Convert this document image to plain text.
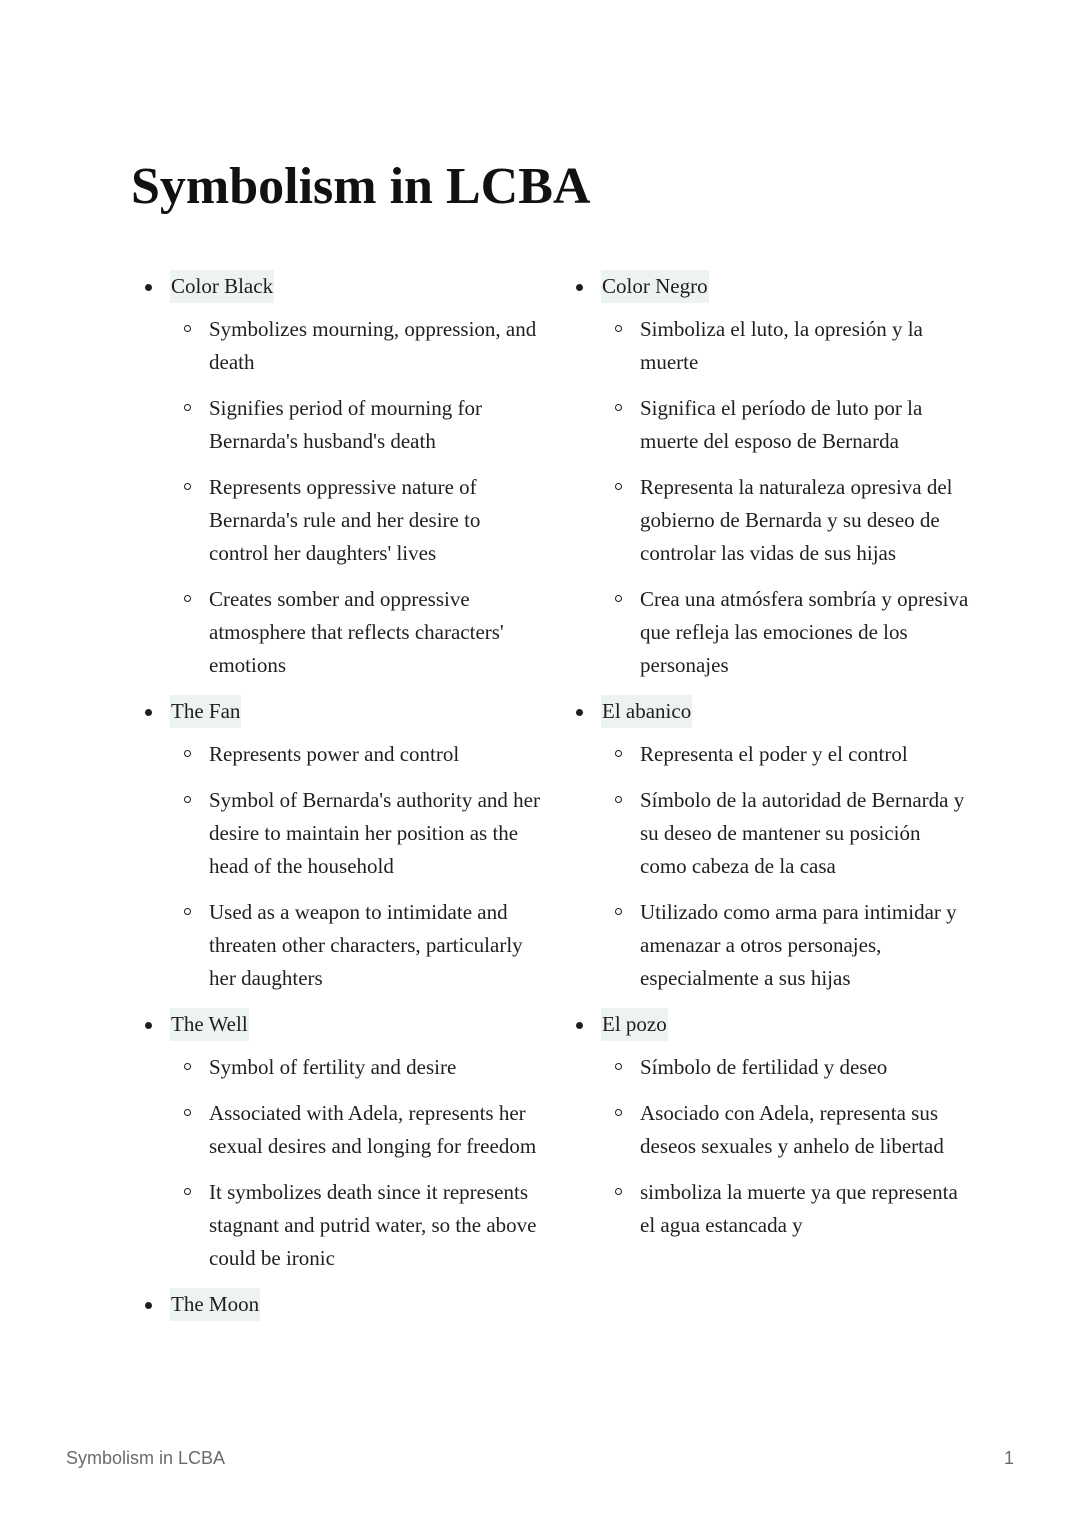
Symbolism in LCBA
Color Black
Symbolizes mourning, oppression, and death
Signifies period of mourning for Bernarda's husband's death
Represents oppressive nature of Bernarda's rule and her desire to control her daughters' lives
Creates somber and oppressive atmosphere that reflects characters' emotions
The Fan
Represents power and control
Symbol of Bernarda's authority and her desire to maintain her position as the head of the household
Used as a weapon to intimidate and threaten other characters, particularly her daughters
The Well
Symbol of fertility and desire
Associated with Adela, represents her sexual desires and longing for freedom
It symbolizes death since it represents stagnant and putrid water, so the above could be ironic
The Moon
Color Negro
Simboliza el luto, la opresión y la muerte
Significa el período de luto por la muerte del esposo de Bernarda
Representa la naturaleza opresiva del gobierno de Bernarda y su deseo de controlar las vidas de sus hijas
Crea una atmósfera sombría y opresiva que refleja las emociones de los personajes
El abanico
Representa el poder y el control
Símbolo de la autoridad de Bernarda y su deseo de mantener su posición como cabeza de la casa
Utilizado como arma para intimidar y amenazar a otros personajes, especialmente a sus hijas
El pozo
Símbolo de fertilidad y deseo
Asociado con Adela, representa sus deseos sexuales y anhelo de libertad
simboliza la muerte ya que representa el agua estancada y
Symbolism in LCBA	1
